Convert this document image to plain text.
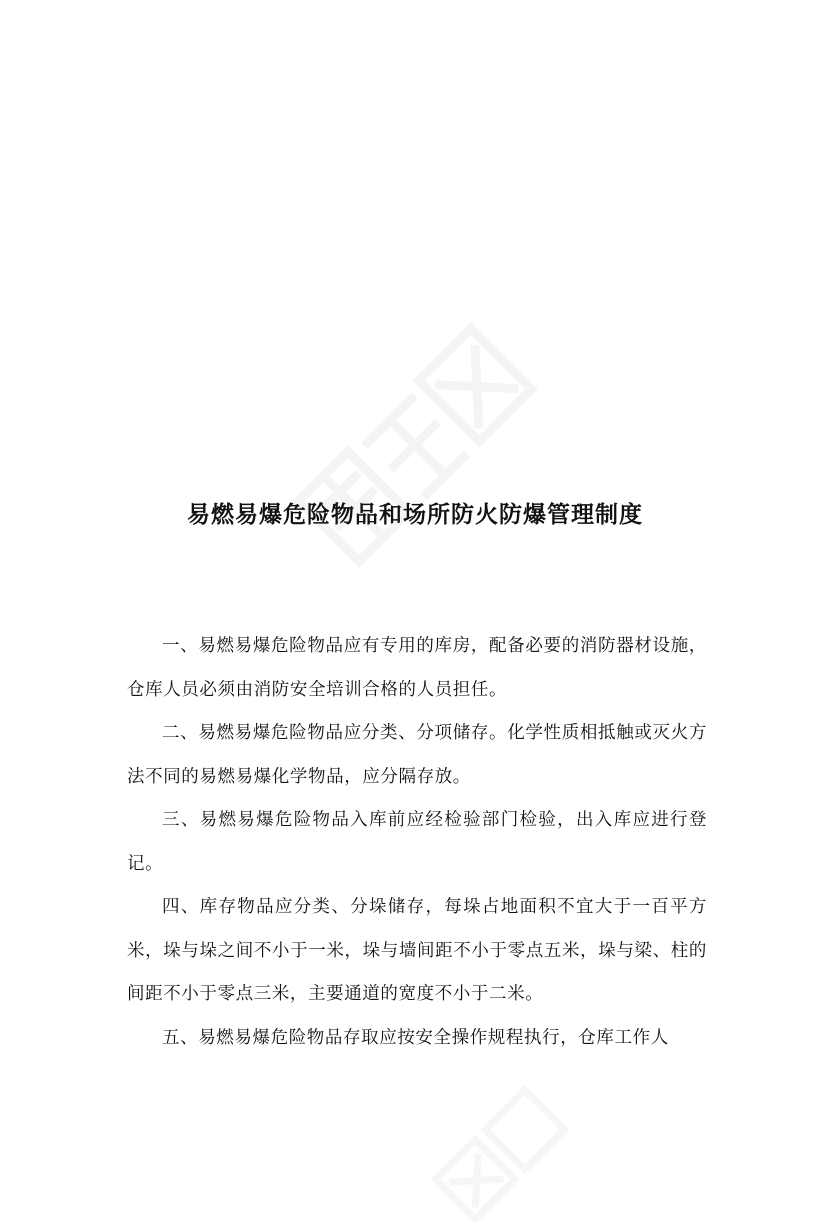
易燃易爆危险物品和场所防火防爆管理制度

一、易燃易爆危险物品应有专用的库房，配备必要的消防器材设施，仓库人员必须由消防安全培训合格的人员担任。

二、易燃易爆危险物品应分类、分项储存。化学性质相抵触或灭火方法不同的易燃易爆化学物品，应分隔存放。

三、易燃易爆危险物品入库前应经检验部门检验，出入库应进行登记。

四、库存物品应分类、分垛储存，每垛占地面积不宜大于一百平方米，垛与垛之间不小于一米，垛与墙间距不小于零点五米，垛与梁、柱的间距不小于零点三米，主要通道的宽度不小于二米。

五、易燃易爆危险物品存取应按安全操作规程执行，仓库工作人
